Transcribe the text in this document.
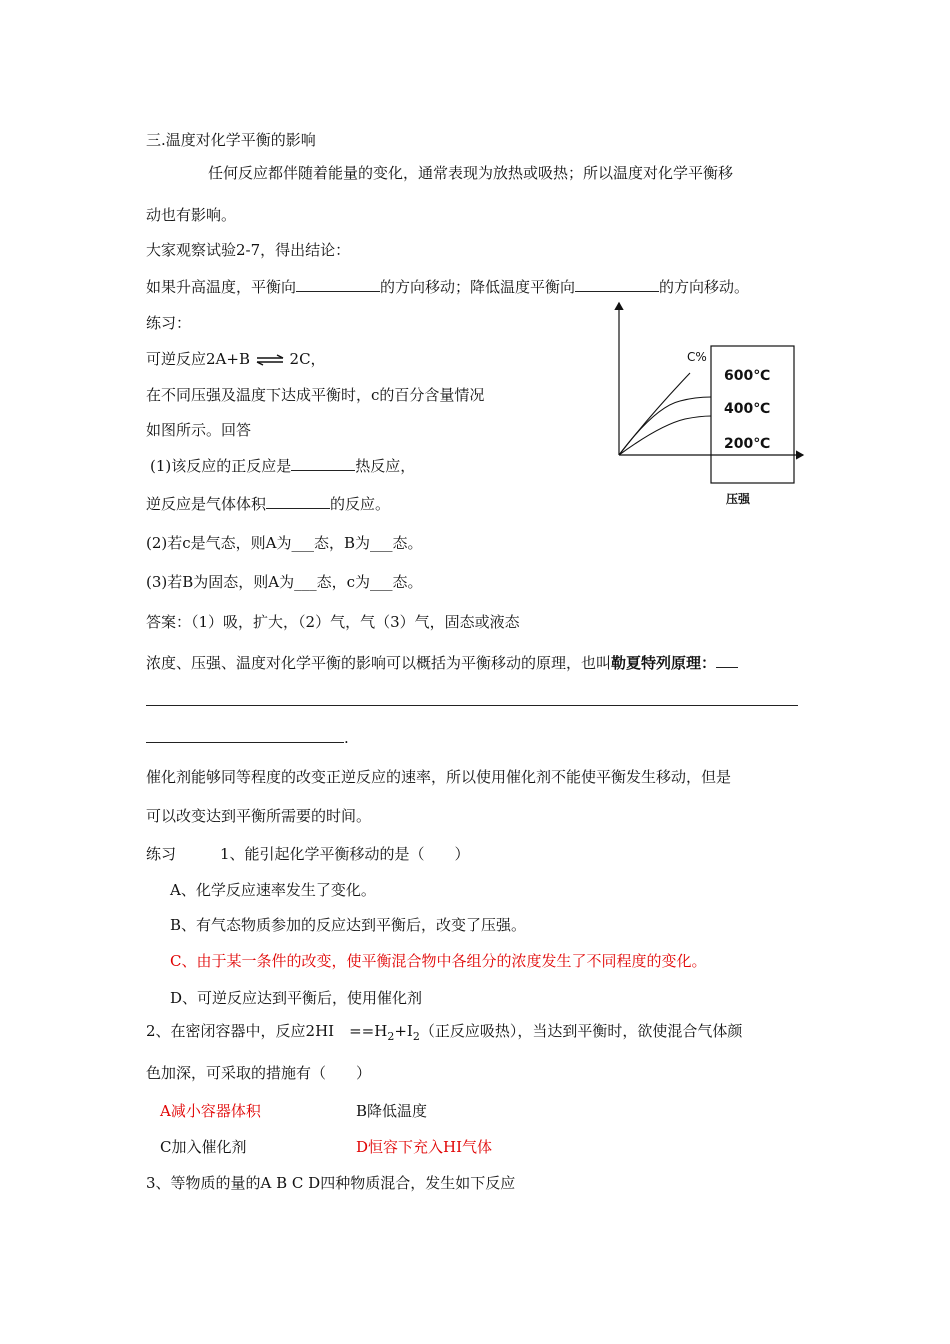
三.温度对化学平衡的影响
任何反应都伴随着能量的变化，通常表现为放热或吸热；所以温度对化学平衡移
动也有影响。
大家观察试验2-7，得出结论：
如果升高温度，平衡向	的方向移动；降低温度平衡向	的方向移动。
练习：
可逆反应2A+B ⇌ 2C，
在不同压强及温度下达成平衡时，c的百分含量情况
如图所示。回答
(1)该反应的正反应是	热反应，
逆反应是气体体积	的反应。
(2)若c是气态，则A为___态，B为___态。
(3)若B为固态，则A为___态，c为___态。
答案：（1）吸，扩大，（2）气，气（3）气，固态或液态
浓度、压强、温度对化学平衡的影响可以概括为平衡移动的原理，也叫勒夏特列原理：
.
催化剂能够同等程度的改变正逆反应的速率，所以使用催化剂不能使平衡发生移动，但是
可以改变达到平衡所需要的时间。
练习	1、能引起化学平衡移动的是（　　）
A、化学反应速率发生了变化。
B、有气态物质参加的反应达到平衡后，改变了压强。
C、由于某一条件的改变，使平衡混合物中各组分的浓度发生了不同程度的变化。
D、可逆反应达到平衡后，使用催化剂
2、在密闭容器中，反应2HI　$==H_2+I_2$（正反应吸热），当达到平衡时，欲使混合气体颜
色加深，可采取的措施有（　　）
A减小容器体积	B降低温度
C加入催化剂	D恒容下充入HI气体
3、等物质的量的A B C D四种物质混合，发生如下反应
C%
600℃
400℃
200℃
压强
